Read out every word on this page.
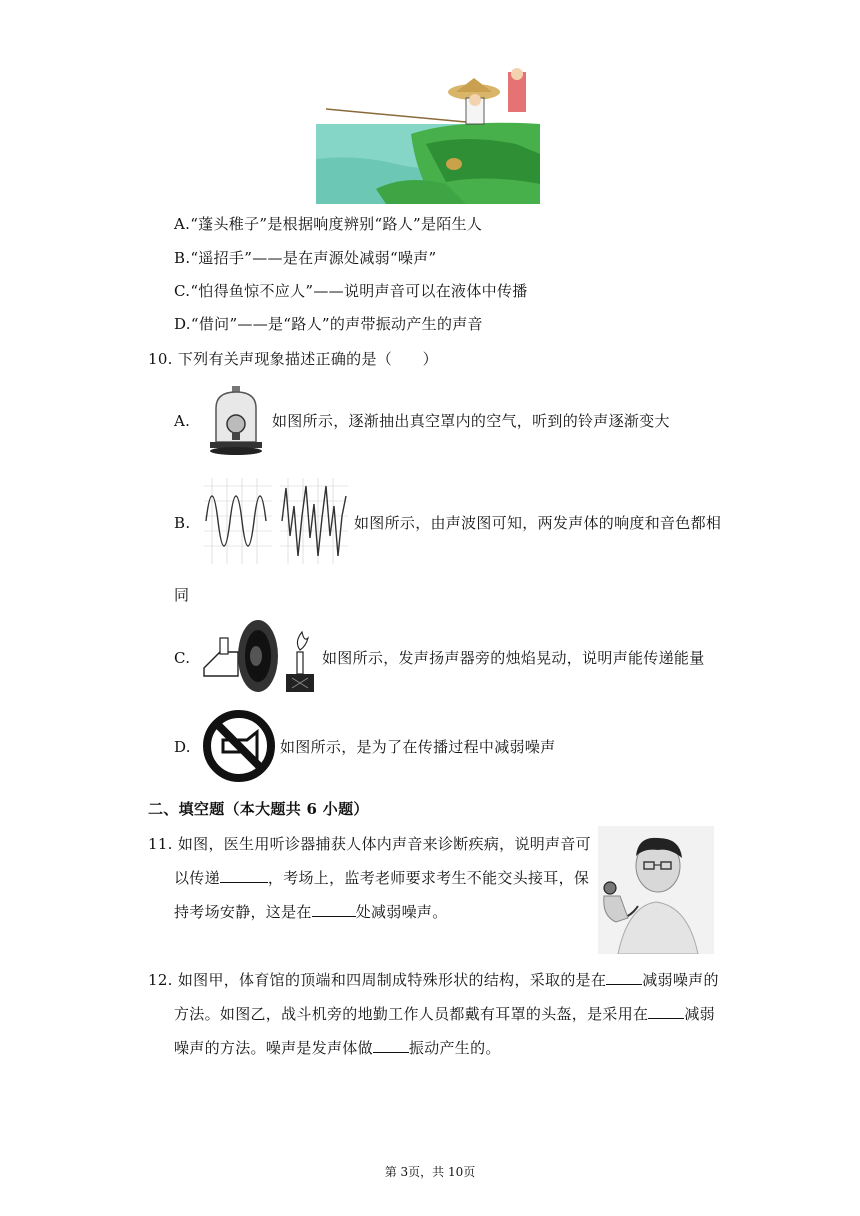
A.“蓬头稚子”是根据响度辨别“路人”是陌生人
B.“遥招手”——是在声源处减弱“噪声”
C.“怕得鱼惊不应人”——说明声音可以在液体中传播
D.“借问”——是“路人”的声带振动产生的声音
10. 下列有关声现象描述正确的是（　　）
A.	如图所示，逐渐抽出真空罩内的空气，听到的铃声逐渐变大
B.	如图所示，由声波图可知，两发声体的响度和音色都相
同
C.	如图所示，发声扬声器旁的烛焰晃动，说明声能传递能量
D.	如图所示，是为了在传播过程中减弱噪声
二、填空题（本大题共 6 小题）
11. 如图，医生用听诊器捕获人体内声音来诊断疾病，说明声音可
以传递	，考场上，监考老师要求考生不能交头接耳，保
持考场安静，这是在	处减弱噪声。
12. 如图甲，体育馆的顶端和四周制成特殊形状的结构，采取的是在 减弱噪声的
方法。如图乙，战斗机旁的地勤工作人员都戴有耳罩的头盔，是采用在 减弱
噪声的方法。噪声是发声体做 振动产生的。
第 3页，共 10页
